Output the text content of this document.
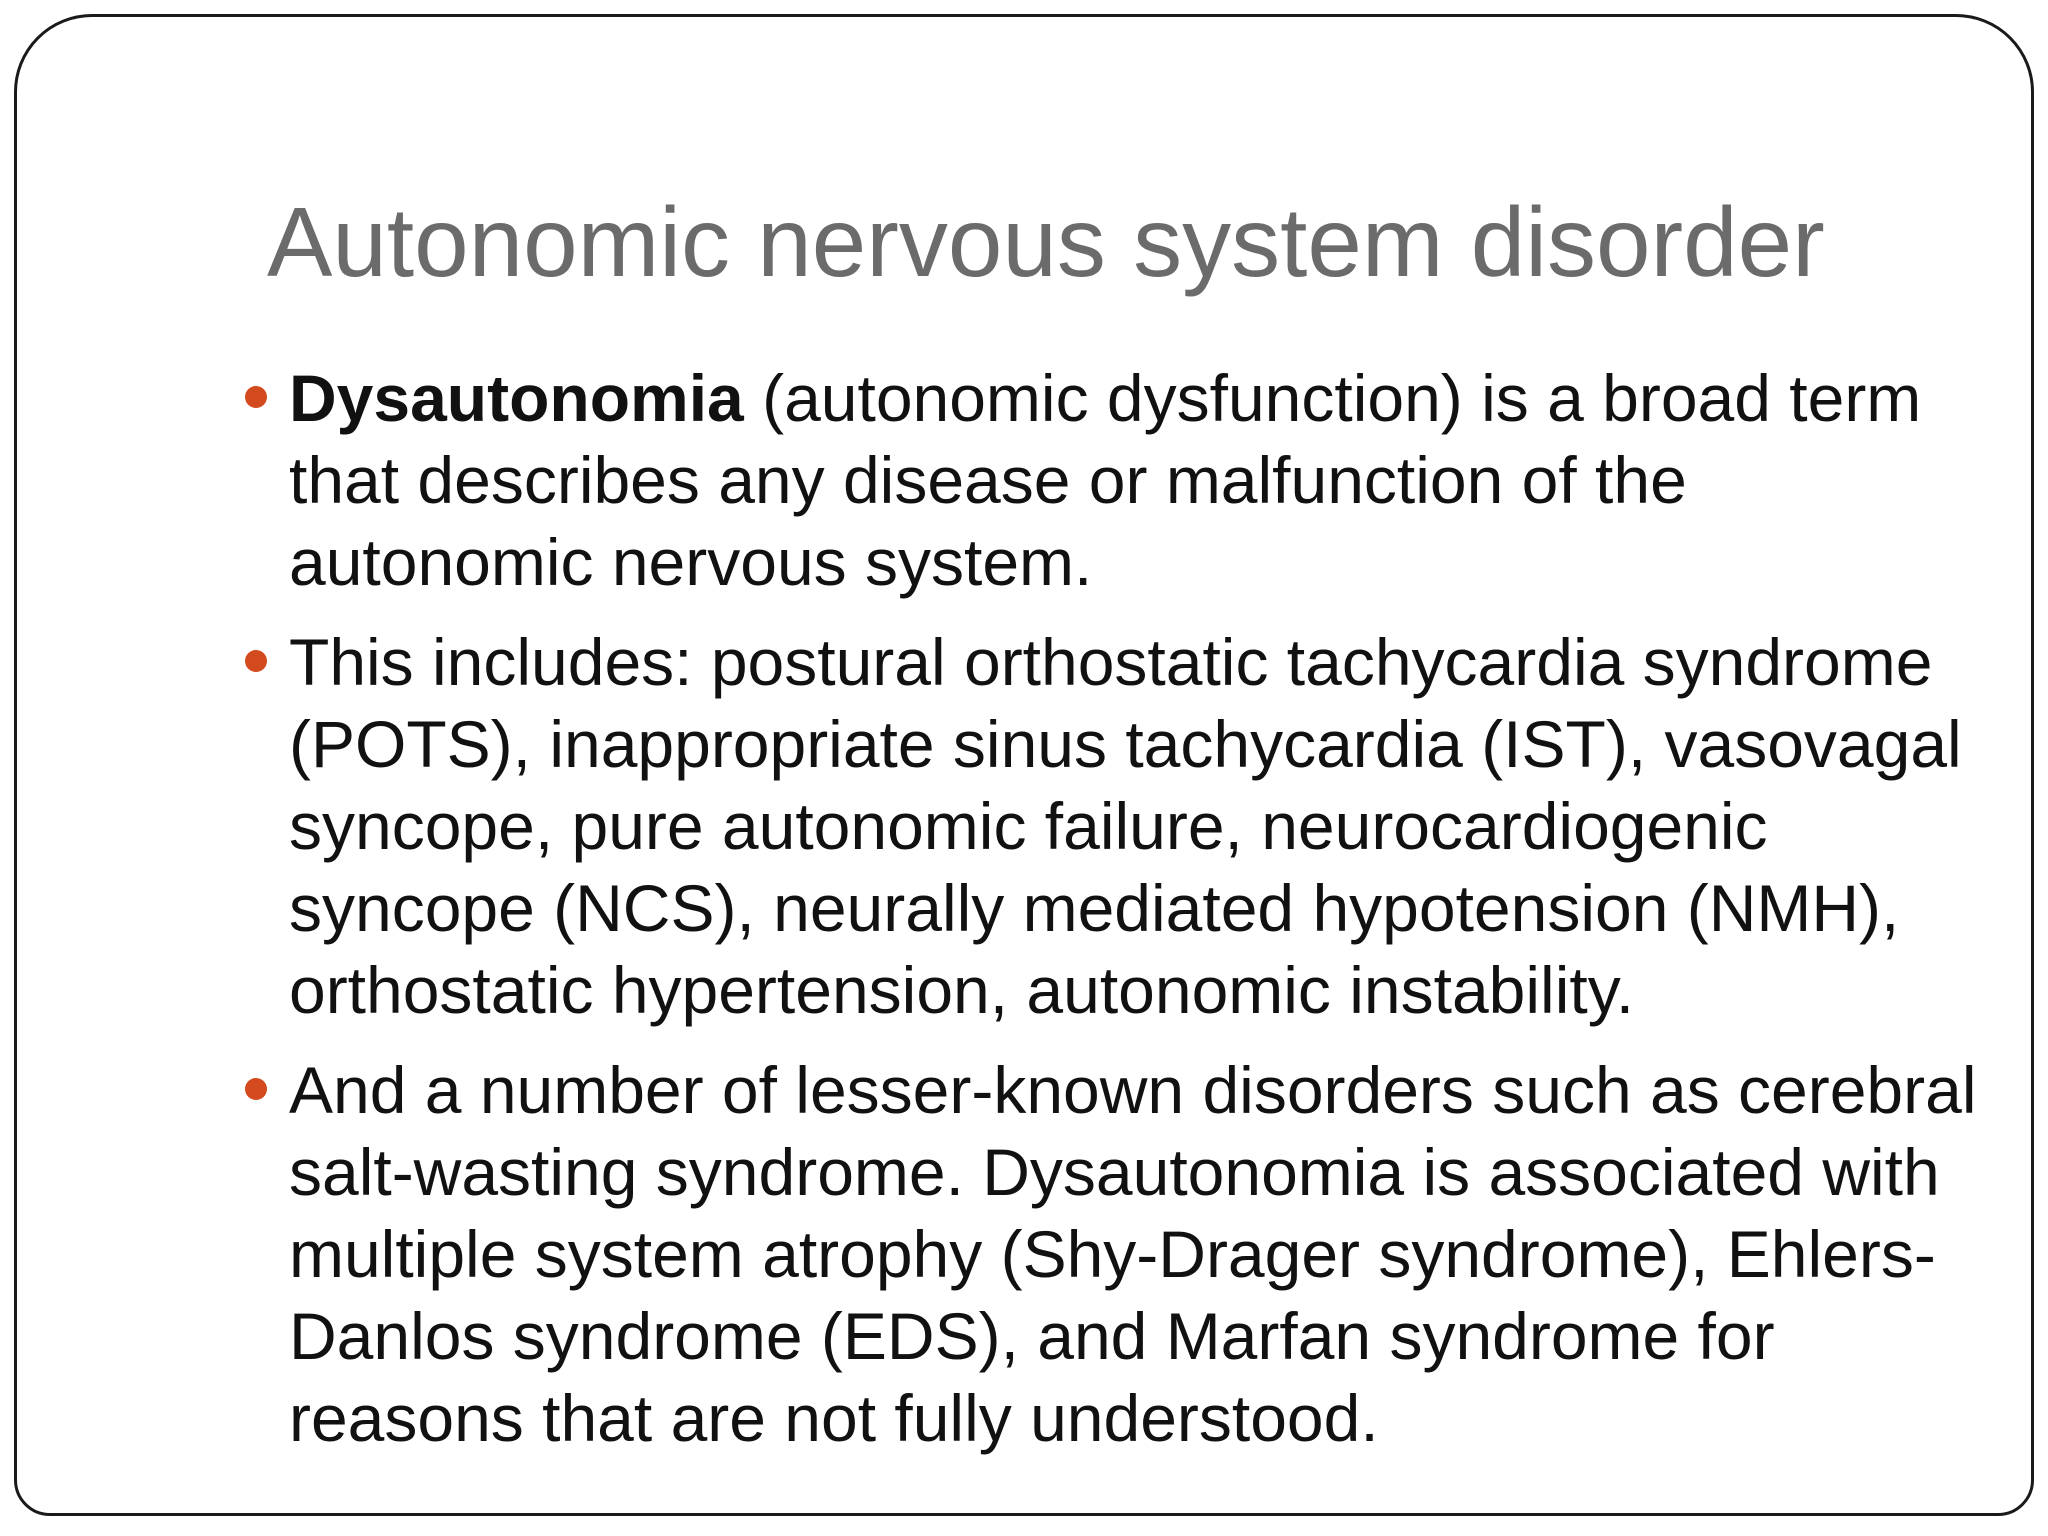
Autonomic nervous system disorder
Dysautonomia (autonomic dysfunction) is a broad term that describes any disease or malfunction of the autonomic nervous system.
This includes: postural orthostatic tachycardia syndrome (POTS), inappropriate sinus tachycardia (IST), vasovagal syncope, pure autonomic failure, neurocardiogenic syncope (NCS), neurally mediated hypotension (NMH), orthostatic hypertension, autonomic instability.
And a number of lesser-known disorders such as cerebral salt-wasting syndrome. Dysautonomia is associated with multiple system atrophy (Shy-Drager syndrome), Ehlers-Danlos syndrome (EDS), and Marfan syndrome for reasons that are not fully understood.
